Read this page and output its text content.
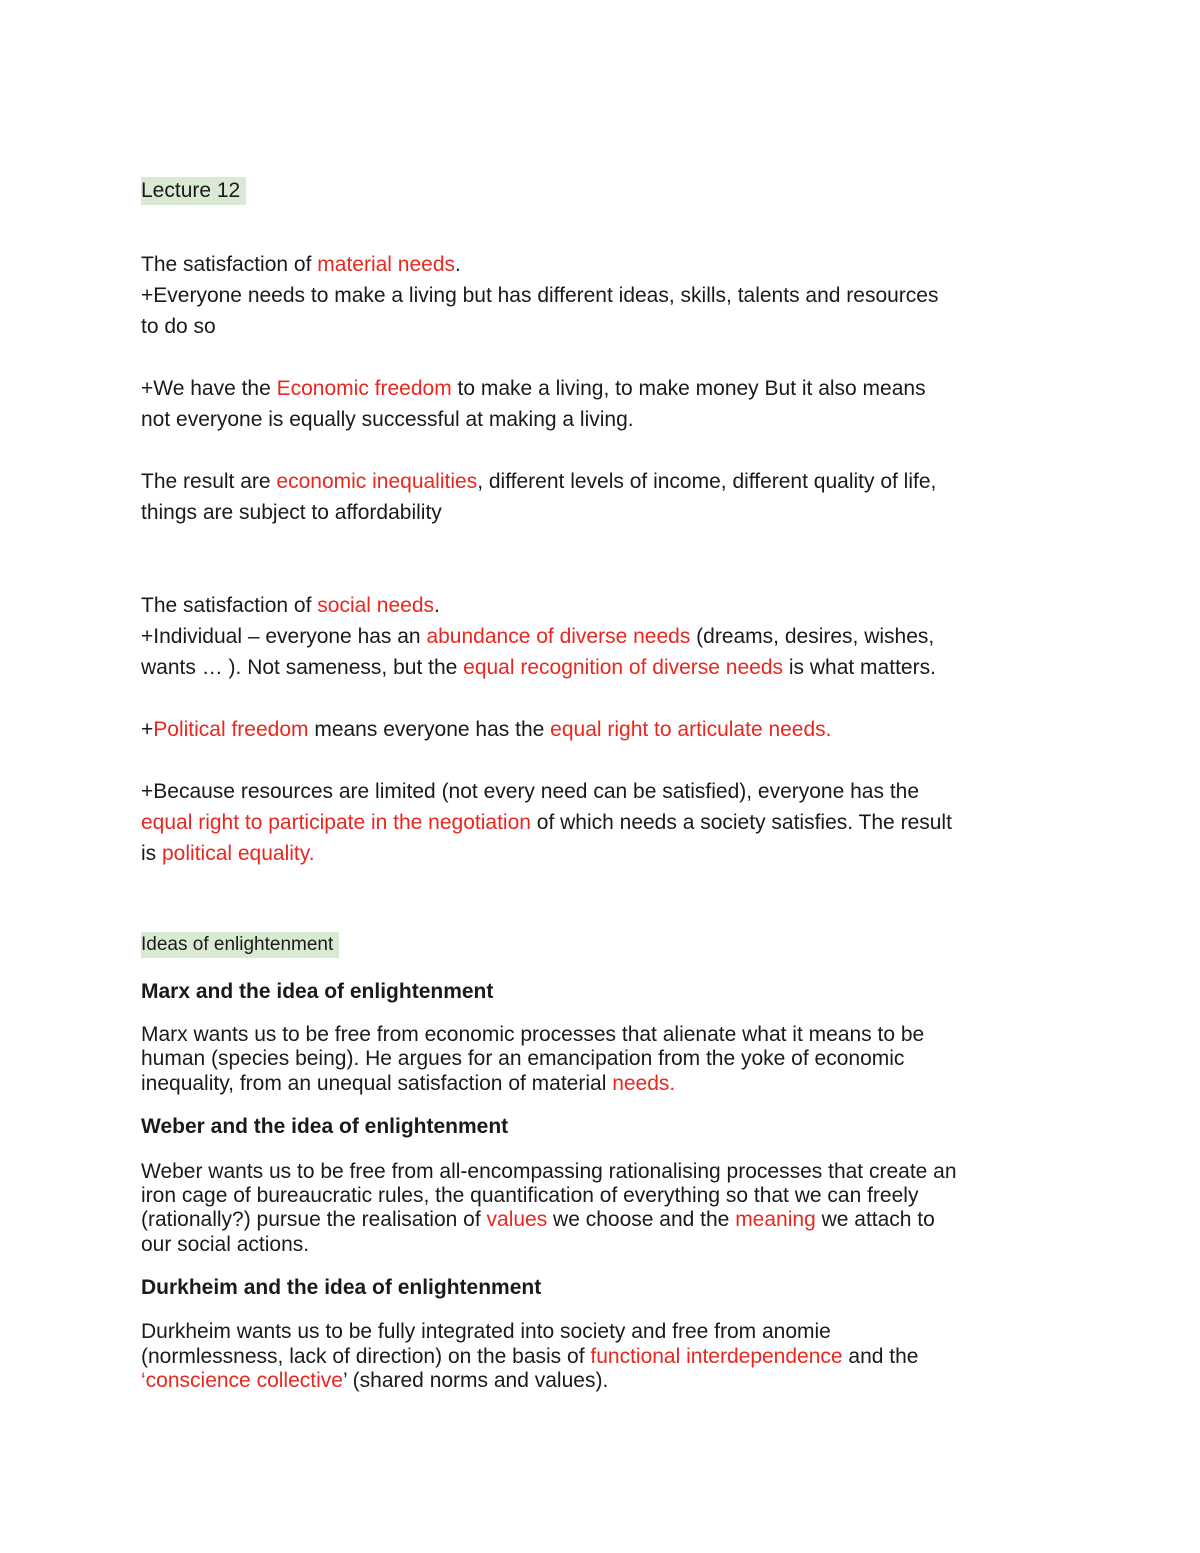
Lecture 12
The satisfaction of material needs.
+Everyone needs to make a living but has different ideas, skills, talents and resources
to do so
+We have the Economic freedom to make a living, to make money But it also means
not everyone is equally successful at making a living.
The result are economic inequalities, different levels of income, different quality of life,
things are subject to affordability
The satisfaction of social needs.
+Individual – everyone has an abundance of diverse needs (dreams, desires, wishes,
wants … ). Not sameness, but the equal recognition of diverse needs is what matters.
+Political freedom means everyone has the equal right to articulate needs.
+Because resources are limited (not every need can be satisfied), everyone has the
equal right to participate in the negotiation of which needs a society satisfies. The result
is political equality.
Ideas of enlightenment
Marx and the idea of enlightenment
Marx wants us to be free from economic processes that alienate what it means to be
human (species being). He argues for an emancipation from the yoke of economic
inequality, from an unequal satisfaction of material needs.
Weber and the idea of enlightenment
Weber wants us to be free from all-encompassing rationalising processes that create an
iron cage of bureaucratic rules, the quantification of everything so that we can freely
(rationally?) pursue the realisation of values we choose and the meaning we attach to
our social actions.
Durkheim and the idea of enlightenment
Durkheim wants us to be fully integrated into society and free from anomie
(normlessness, lack of direction) on the basis of functional interdependence and the
‘conscience collective’ (shared norms and values).
